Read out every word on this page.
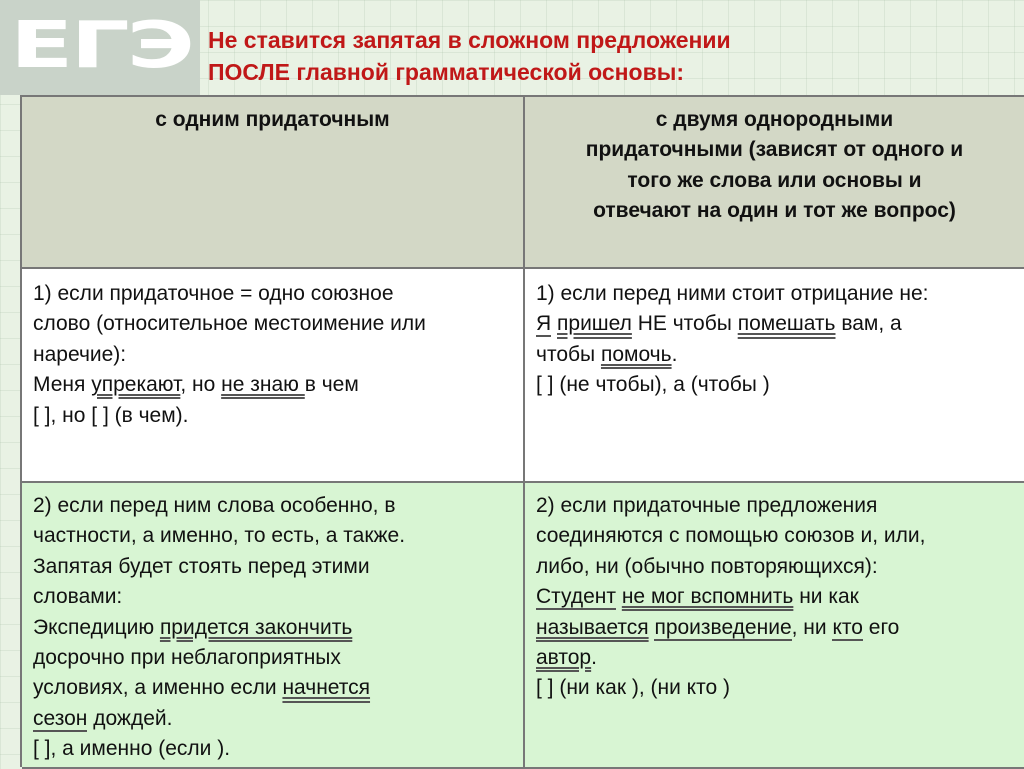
ЕГЭ Не ставится запятая в сложном предложении
ПОСЛЕ главной грамматической основы:
с одним придаточным	с двумя однородными
придаточными (зависят от одного и
того же слова или основы и
отвечают на один и тот же вопрос)
1) если придаточное = одно союзное
слово (относительное местоимение или
наречие):
Меня упрекают, но не знаю в чем
[ ], но [ ] (в чем).
1) если перед ними стоит отрицание не:
Я пришел НЕ чтобы помешать вам, а
чтобы помочь.
[ ] (не чтобы), а (чтобы )
2) если перед ним слова особенно, в
частности, а именно, то есть, а также.
Запятая будет стоять перед этими
словами:
Экспедицию придется закончить
досрочно при неблагоприятных
условиях, а именно если начнется
сезон дождей.
[ ], а именно (если ).
2) если придаточные предложения
соединяются с помощью союзов и, или,
либо, ни (обычно повторяющихся):
Студент не мог вспомнить ни как
называется произведение, ни кто его
автор.
[ ] (ни как ), (ни кто )
